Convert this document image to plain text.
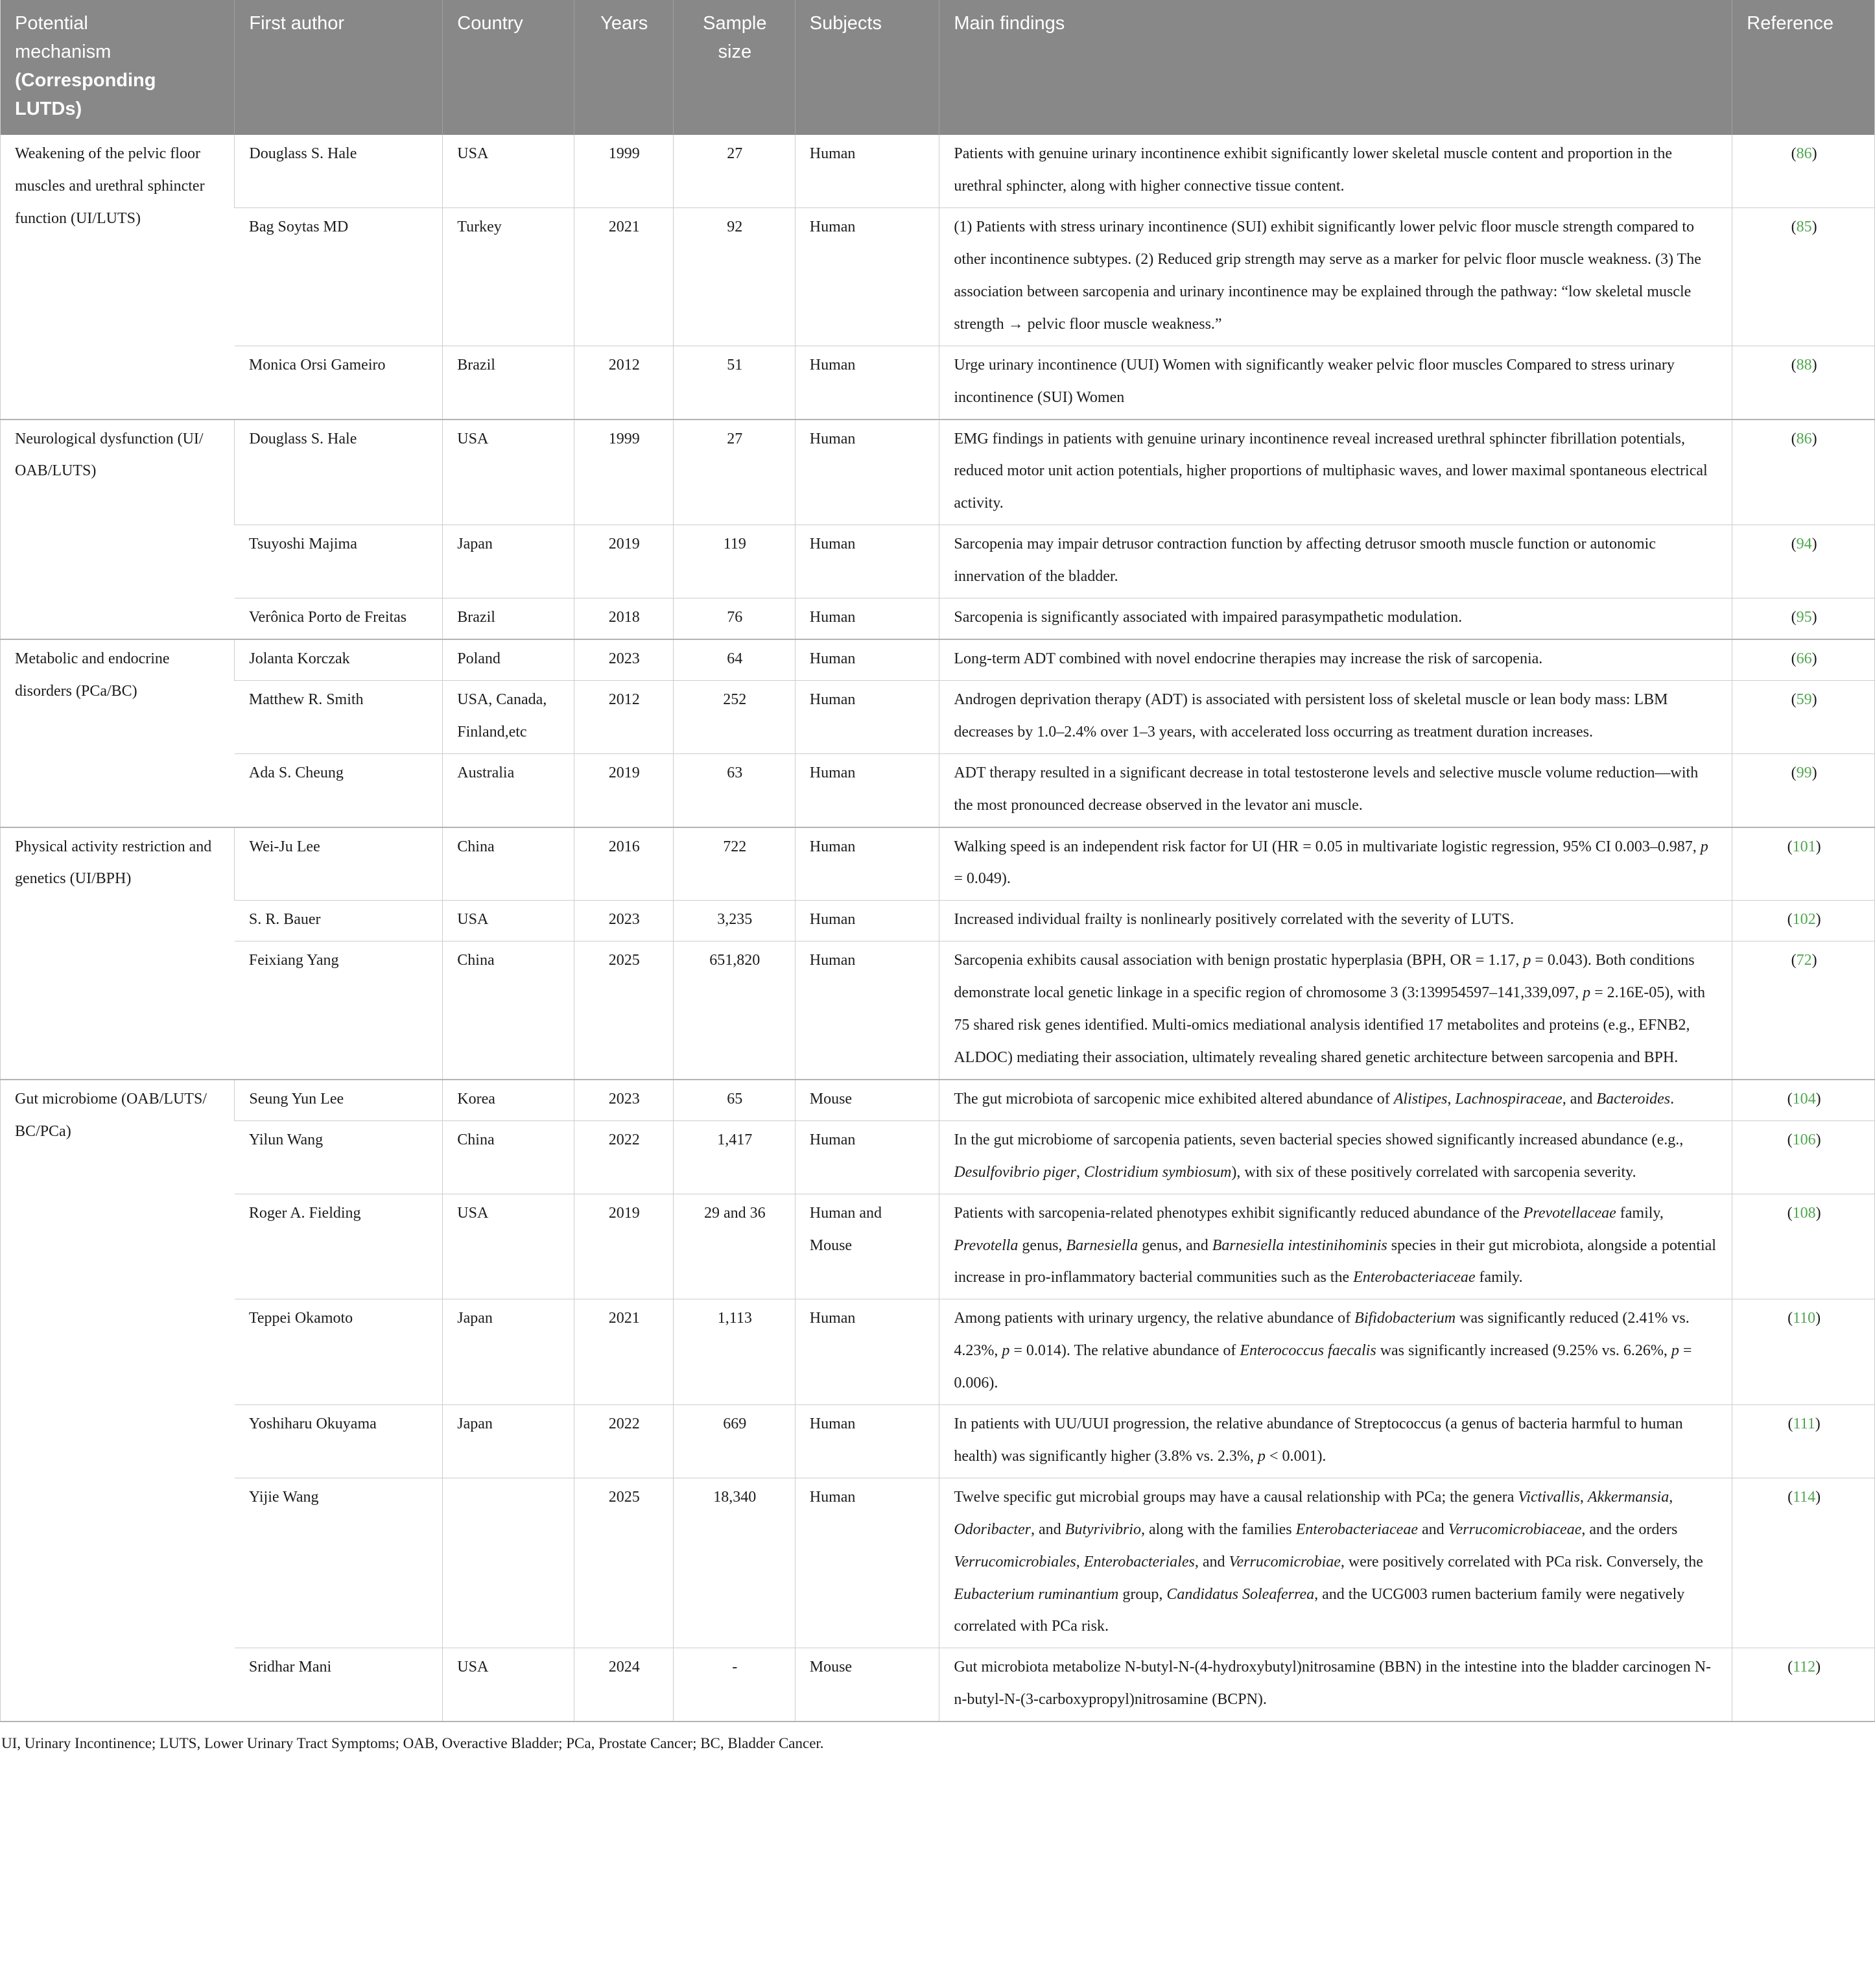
Potential mechanism (Corresponding LUTDs)	First author	Country	Years	Sample size	Subjects	Main findings	Reference
Weakening of the pelvic floor muscles and urethral sphincter function (UI/LUTS)	Douglass S. Hale	USA	1999	27	Human	Patients with genuine urinary incontinence exhibit significantly lower skeletal muscle content and proportion in the urethral sphincter, along with higher connective tissue content.	(86)
	Bag Soytas MD	Turkey	2021	92	Human	(1) Patients with stress urinary incontinence (SUI) exhibit significantly lower pelvic floor muscle strength compared to other incontinence subtypes. (2) Reduced grip strength may serve as a marker for pelvic floor muscle weakness. (3) The association between sarcopenia and urinary incontinence may be explained through the pathway: “low skeletal muscle strength → pelvic floor muscle weakness.”	(85)
	Monica Orsi Gameiro	Brazil	2012	51	Human	Urge urinary incontinence (UUI) Women with significantly weaker pelvic floor muscles Compared to stress urinary incontinence (SUI) Women	(88)
Neurological dysfunction (UI/OAB/LUTS)	Douglass S. Hale	USA	1999	27	Human	EMG findings in patients with genuine urinary incontinence reveal increased urethral sphincter fibrillation potentials, reduced motor unit action potentials, higher proportions of multiphasic waves, and lower maximal spontaneous electrical activity.	(86)
	Tsuyoshi Majima	Japan	2019	119	Human	Sarcopenia may impair detrusor contraction function by affecting detrusor smooth muscle function or autonomic innervation of the bladder.	(94)
	Verônica Porto de Freitas	Brazil	2018	76	Human	Sarcopenia is significantly associated with impaired parasympathetic modulation.	(95)
Metabolic and endocrine disorders (PCa/BC)	Jolanta Korczak	Poland	2023	64	Human	Long-term ADT combined with novel endocrine therapies may increase the risk of sarcopenia.	(66)
	Matthew R. Smith	USA, Canada, Finland,etc	2012	252	Human	Androgen deprivation therapy (ADT) is associated with persistent loss of skeletal muscle or lean body mass: LBM decreases by 1.0–2.4% over 1–3 years, with accelerated loss occurring as treatment duration increases.	(59)
	Ada S. Cheung	Australia	2019	63	Human	ADT therapy resulted in a significant decrease in total testosterone levels and selective muscle volume reduction—with the most pronounced decrease observed in the levator ani muscle.	(99)
Physical activity restriction and genetics (UI/BPH)	Wei-Ju Lee	China	2016	722	Human	Walking speed is an independent risk factor for UI (HR = 0.05 in multivariate logistic regression, 95% CI 0.003–0.987, p = 0.049).	(101)
	S. R. Bauer	USA	2023	3,235	Human	Increased individual frailty is nonlinearly positively correlated with the severity of LUTS.	(102)
	Feixiang Yang	China	2025	651,820	Human	Sarcopenia exhibits causal association with benign prostatic hyperplasia (BPH, OR = 1.17, p = 0.043). Both conditions demonstrate local genetic linkage in a specific region of chromosome 3 (3:139954597–141,339,097, p = 2.16E-05), with 75 shared risk genes identified. Multi-omics mediational analysis identified 17 metabolites and proteins (e.g., EFNB2, ALDOC) mediating their association, ultimately revealing shared genetic architecture between sarcopenia and BPH.	(72)
Gut microbiome (OAB/LUTS/BC/PCa)	Seung Yun Lee	Korea	2023	65	Mouse	The gut microbiota of sarcopenic mice exhibited altered abundance of Alistipes, Lachnospiraceae, and Bacteroides.	(104)
	Yilun Wang	China	2022	1,417	Human	In the gut microbiome of sarcopenia patients, seven bacterial species showed significantly increased abundance (e.g., Desulfovibrio piger, Clostridium symbiosum), with six of these positively correlated with sarcopenia severity.	(106)
	Roger A. Fielding	USA	2019	29 and 36	Human and Mouse	Patients with sarcopenia-related phenotypes exhibit significantly reduced abundance of the Prevotellaceae family, Prevotella genus, Barnesiella genus, and Barnesiella intestinihominis species in their gut microbiota, alongside a potential increase in pro-inflammatory bacterial communities such as the Enterobacteriaceae family.	(108)
	Teppei Okamoto	Japan	2021	1,113	Human	Among patients with urinary urgency, the relative abundance of Bifidobacterium was significantly reduced (2.41% vs. 4.23%, p = 0.014). The relative abundance of Enterococcus faecalis was significantly increased (9.25% vs. 6.26%, p = 0.006).	(110)
	Yoshiharu Okuyama	Japan	2022	669	Human	In patients with UU/UUI progression, the relative abundance of Streptococcus (a genus of bacteria harmful to human health) was significantly higher (3.8% vs. 2.3%, p < 0.001).	(111)
	Yijie Wang		2025	18,340	Human	Twelve specific gut microbial groups may have a causal relationship with PCa; the genera Victivallis, Akkermansia, Odoribacter, and Butyrivibrio, along with the families Enterobacteriaceae and Verrucomicrobiaceae, and the orders Verrucomicrobiales, Enterobacteriales, and Verrucomicrobiae, were positively correlated with PCa risk. Conversely, the Eubacterium ruminantium group, Candidatus Soleaferrea, and the UCG003 rumen bacterium family were negatively correlated with PCa risk.	(114)
	Sridhar Mani	USA	2024	-	Mouse	Gut microbiota metabolize N-butyl-N-(4-hydroxybutyl)nitrosamine (BBN) in the intestine into the bladder carcinogen N-n-butyl-N-(3-carboxypropyl)nitrosamine (BCPN).	(112)
UI, Urinary Incontinence; LUTS, Lower Urinary Tract Symptoms; OAB, Overactive Bladder; PCa, Prostate Cancer; BC, Bladder Cancer.
